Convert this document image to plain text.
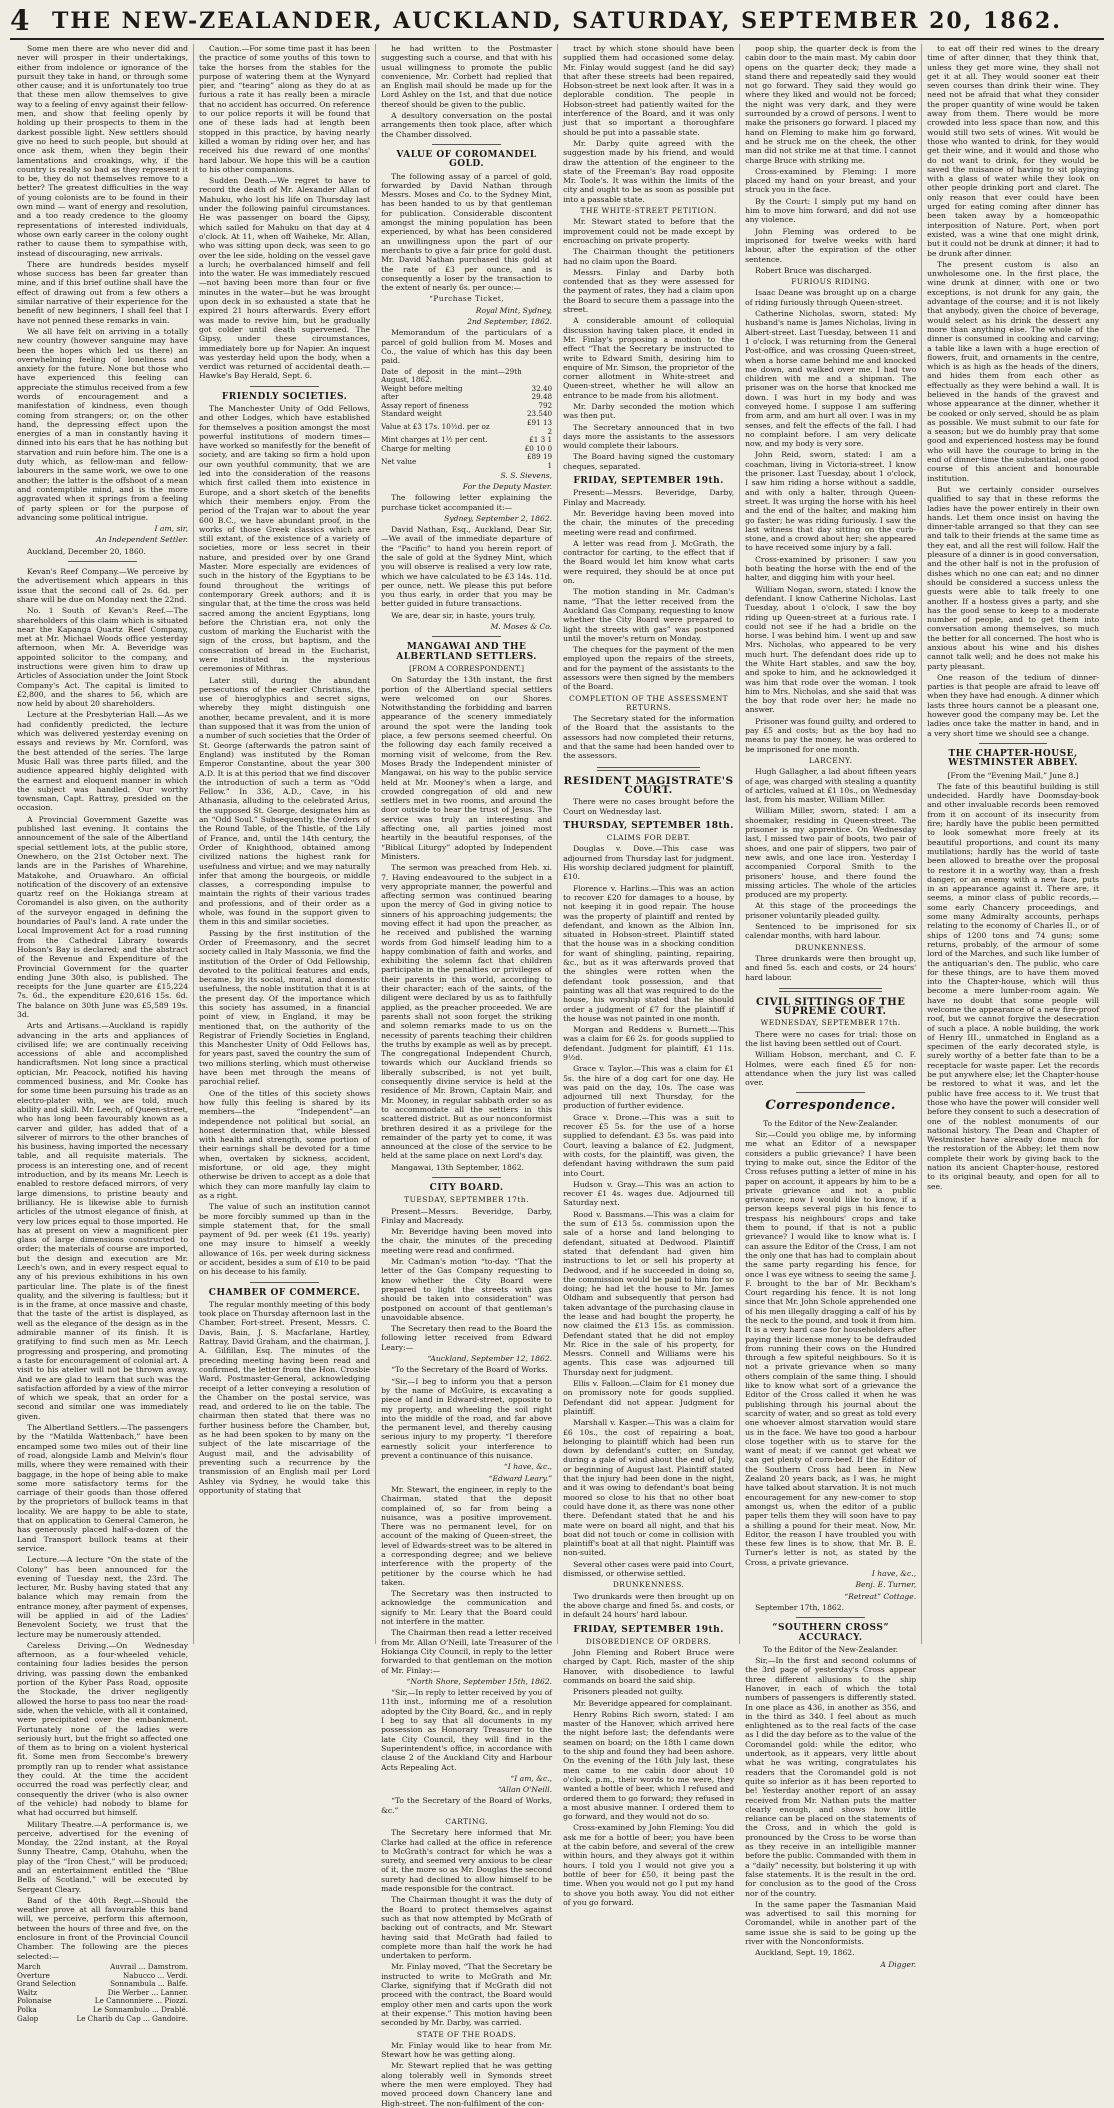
4	THE NEW-ZEALANDER, AUCKLAND, SATURDAY, SEPTEMBER 20, 1862.

Some men there are who never did and never will prosper in their undertakings, either from indolence or ignorance of the pursuit they take in hand, or through some other cause; and it is unfortunately too true that these men allow themselves to give way to a feeling of envy against their fellow-men, and show that feeling openly by holding up their prospects to them in the darkest possible light. New settlers should give no heed to such people, but should at once ask them, when they begin their lamentations and croakings, why, if the country is really so bad as they represent it to be, they do not themselves remove to a better? The greatest difficulties in the way of young colonists are to be found in their own mind — want of energy and resolution, and a too ready credence to the gloomy representations of interested individuals, whose own early career in the colony ought rather to cause them to sympathise with, instead of discouraging, new arrivals.

There are hundreds besides myself whose success has been far greater than mine, and if this brief outline shall have the effect of drawing out from a few others a similar narrative of their experience for the benefit of new beginners, I shall feel that I have not penned these remarks in vain.

We all have felt on arriving in a totally new country (however sanguine may have been the hopes which led us there) an overwhelming feeling of loneliness and anxiety for the future. None but those who have experienced this feeling can appreciate the stimulus received from a few words of encouragement and a manifestation of kindness, even though coming from strangers; or, on the other hand, the depressing effect upon the energies of a man in constantly having it dinned into his ears that he has nothing but starvation and ruin before him. The one is a duty which, as fellow-man and fellow-labourers in the same work, we owe to one another; the latter is the offshoot of a mean and contemptible mind, and is the more aggravated when it springs from a feeling of party spleen or for the purpose of advancing some political intrigue.

I am, sir,

An Independent Settler.

Auckland, December 20, 1860.

Kevan's Reef Company.—We perceive by the advertisement which appears in this issue that the second call of 2s. 6d. per share will be due on Monday next the 22nd.

No. 1 South of Kevan's Reef.—The shareholders of this claim which is situated near the Kapanga Quartz Reef Company, met at Mr. Michael Woods office yesterday afternoon, when Mr. A. Beveridge was appointed solicitor to the company, and instructions were given him to draw up Articles of Association under the Joint Stock Company's Act. The capital is limited to £2,800, and the shares to 56, which are now held by about 20 shareholders.

Lecture at the Presbyterian Hall.—As we had confidently predicted, the lecture which was delivered yesterday evening on essays and reviews by Mr. Cornford, was the best attended of the series. The large Music Hall was three parts filled, and the audience appeared highly delighted with the earnest and eloquent manner in which the subject was handled. Our worthy townsman, Capt. Rattray, presided on the occasion.

A Provincial Government Gazette was published last evening. It contains the announcement of the sale of the Albertland special settlement lots, at the public store, Onewhero, on the 21st October next. The lands are in the Parishes of Wharehine, Matakohe, and Oruawharo. An official notification of the discovery of an extensive quartz reef on the Hokianga stream at Coromandel is also given, on the authority of the surveyor engaged in defining the boundaries of Paul's land. A rate under the Local Improvement Act for a road running from the Cathedral Library towards Hobson's Bay is declared; and the abstract of the Revenue and Expenditure of the Provincial Government for the quarter ending June 30th also, is published. The receipts for the June quarter are £15,224 7s. 6d., the expenditure £20,616 15s. 6d. The balance on 30th June was £5,589 19s. 3d.

Arts and Artisans.—Auckland is rapidly advancing in the arts and appliances of civilised life; we are continually receiving accessions of able and accomplished handicraftsmen. Not long since a practical optician, Mr. Peacock, notified his having commenced business, and Mr. Cooke has for some time been pursuing his trade as an electro-plater with, we are told, much ability and skill. Mr. Leech, of Queen-street, who has long been favourably known as a carver and gilder, has added that of a silverer of mirrors to the other branches of his business, having imported the necessary table, and all requisite materials. The process is an interesting one, and of recent introduction, and by its means Mr. Leech is enabled to restore defaced mirrors, of very large dimensions, to pristine beauty and brilliancy. He is likewise able to furnish articles of the utmost elegance of finish, at very low prices equal to those imported. He has at present on view a magnificent pier glass of large dimensions constructed to order; the materials of course are imported, but the design and execution are Mr. Leech's own, and in every respect equal to any of his previous exhibitions in his own particular line. The plate is of the finest quality, and the silvering is faultless; but it is in the frame, at once massive and chaste, that the taste of the artist is displayed, as well as the elegance of the design as in the admirable manner of its finish. It is gratifying to find such men as Mr. Leech progressing and prospering, and promoting a taste for encouragement of colonial art. A visit to his atelier will not be thrown away. And we are glad to learn that such was the satisfaction afforded by a view of the mirror of which we speak, that an order for a second and similar one was immediately given.

The Albertland Settlers.—The passengers by the “Matilda Wattenbach,” have been encamped some two miles out of their line of road, alongside Lamb and Melvin's flour mills, where they were remained with their baggage, in the hope of being able to make some more satisfactory terms for the carriage of their goods than those offered by the proprietors of bullock teams in that locality. We are happy to be able to state, that on application to General Cameron, he has generously placed half-a-dozen of the Land Transport bullock teams at their service.

Lecture.—A lecture “On the state of the Colony” has been announced for the evening of Tuesday next, the 23rd. The lecturer, Mr. Busby having stated that any balance which may remain from the entrance money, after payment of expenses, will be applied in aid of the Ladies' Benevolent Society, we trust that the lecture may be numerously attended.

Careless Driving.—On Wednesday afternoon, as a four-wheeled vehicle, containing four ladies besides the person driving, was passing down the embanked portion of the Kyber Pass Road, opposite the Stockade, the driver negligently allowed the horse to pass too near the road-side, when the vehicle, with all it contained, were precipitated over the embankment. Fortunately none of the ladies were seriously hurt, but the fright so affected one of them as to bring on a violent hysterical fit. Some men from Seccombe's brewery promptly ran up to render what assistance they could. At the time the accident occurred the road was perfectly clear, and consequently the driver (who is also owner of the vehicle) had nobody to blame for what had occurred but himself.

Military Theatre.—A performance is, we perceive, advertised for the evening of Monday, the 22nd instant, at the Royal Sunny Theatre, Camp, Otahuhu, when the play of the “Iron Chest,” will be produced; and an entertainment entitled the “Blue Bells of Scotland,” will be executed by Sergeant Cleary.

Band of the 40th Regt.—Should the weather prove at all favourable this band will, we perceive, perform this afternoon, between the hours of three and five, on the enclosure in front of the Provincial Council Chamber. The following are the pieces selected:—

March	Auvrail ... Damstrom.
Overture	Nabucco ... Verdi.
Grand Selection	Sonnambula ... Balfe.
Waltz	Die Werber ... Lanner.
Polonaise	Le Cannonniere ... Piozzi.
Polka	Le Sonnambulo ... Drablé.
Galop	Le Charib du Cap ... Gandoire.

Caution.—For some time past it has been the practice of some youths of this town to take the horses from the stables for the purpose of watering them at the Wynyard pier, and “tearing” along as they do at as furious a rate it has really been a miracle that no accident has occurred. On reference to our police reports it will be found that one of these lads had at length been stopped in this practice, by having nearly killed a woman by riding over her, and has received his due reward of one months' hard labour. We hope this will be a caution to his other companions.

Sudden Death.—We regret to have to record the death of Mr. Alexander Allan of Mahuku, who lost his life on Thursday last under the following painful circumstances. He was passenger on board the Gipsy, which sailed for Mahuku on that day at 4 o'clock. At 11, when off Waiheke, Mr. Allan, who was sitting upon deck, was seen to go over the lee side, holding on the vessel gave a lurch; he overbalanced himself and fell into the water. He was immediately rescued—not having been more than four or five minutes in the water—but he was brought upon deck in so exhausted a state that he expired 21 hours afterwards. Every effort was made to revive him, but he gradually got colder until death supervened. The Gipsy, under these circumstances, immediately bore up for Napier. An inquest was yesterday held upon the body, when a verdict was returned of accidental death.—Hawke's Bay Herald, Sept. 6.

FRIENDLY SOCIETIES.

The Manchester Unity of Odd Fellows, and other Lodges, which have established for themselves a position amongst the most powerful institutions of modern times—have worked so manifestly for the benefit of society, and are taking so firm a hold upon our own youthful community, that we are led into the consideration of the reasons which first called them into existence in Europe, and a short sketch of the benefits which their members enjoy. From the period of the Trajan war to about the year 600 B.C., we have abundant proof, in the works of those Greek classics which are still extant, of the existence of a variety of societies, more or less secret in their nature, and presided over by one Grand Master. More especially are evidences of such in the history of the Egyptians to be found throughout the writings of contemporary Greek authors; and it is singular that, at the time the cross was held sacred among the ancient Egyptians, long before the Christian era, not only the custom of marking the Eucharist with the sign of the cross, but baptism, and the consecration of bread in the Eucharist, were instituted in the mysterious ceremonies of Mithras.

Later still, during the abundant persecutions of the earlier Christians, the use of hieroglyphics and secret signs, whereby they might distinguish one another, became prevalent, and it is more than supposed that it was from the union of a number of such societies that the Order of St. George (afterwards the patron saint of England) was instituted by the Roman Emperor Constantine, about the year 300 A.D. It is at this period that we find discover the introduction of such a term as “Odd Fellow.” In 336, A.D., Cave, in his Athanasia, alluding to the celebrated Arius, the supposed St. George, designates him as an “Odd Soul.” Subsequently, the Orders of the Round Table, of the Thistle, of the Lily of France, and, until the 14th century, the Order of Knighthood, obtained among civilized nations the highest rank for usefulness and virtue; and we may naturally infer that among the bourgeois, or middle classes, a corresponding impulse to maintain the rights of their various trades and professions, and of their order as a whole, was found in the support given to them in this and similar societies.

Passing by the first institution of the Order of Freemasonry, and the secret society called in Italy Massonia, we find the institution of the Order of Odd Fellowship, devoted to the political features and ends, became, by its social, moral, and domestic usefulness, the noble institution that it is at the present day. Of the importance which this society has assumed, in a financial point of view, in England, it may be mentioned that, on the authority of the Registrar of Friendly Societies in England, this Manchester Unity of Odd Fellows has, for years past, saved the country the sum of two millions sterling, which must otherwise have been met through the means of parochial relief.

One of the titles of this society shows how fully this feeling is shared by its members—the “Independent”—an independence not political but social, an honest determination that, while blessed with health and strength, some portion of their earnings shall be devoted for a time when, overtaken by sickness, accident, misfortune, or old age, they might otherwise be driven to accept as a dole that which they can more manfully lay claim to as a right.

The value of such an institution cannot be more forcibly summed up than in the simple statement that, for the small payment of 9d. per week (£1 19s. yearly) one may insure to himself a weekly allowance of 16s. per week during sickness or accident, besides a sum of £10 to be paid on his decease to his family.

CHAMBER OF COMMERCE.

The regular monthly meeting of this body took place on Thursday afternoon last in the Chamber, Fort-street. Present, Messrs. C. Davis, Bain, J. S. Macfarlane, Hartley, Rattray, David Graham, and the chairman, J. A. Gilfillan, Esq. The minutes of the preceding meeting having been read and confirmed, the letter from the Hon. Crosbie Ward, Postmaster-General, acknowledging receipt of a letter conveying a resolution of the Chamber on the postal service, was read, and ordered to lie on the table. The chairman then stated that there was no further business before the Chamber, but, as he had been spoken to by many on the subject of the late miscarriage of the August mail, and the advisability of preventing such a recurrence by the transmission of an English mail per Lord Ashley via Sydney, he would take this opportunity of stating that

he had written to the Postmaster suggesting such a course, and that with his usual willingness to promote the public convenience, Mr. Corbett had replied that an English mail should be made up for the Lord Ashley on the 1st, and that due notice thereof should be given to the public.

A desultory conversation on the postal arrangements then took place, after which the Chamber dissolved.

VALUE OF COROMANDEL GOLD.

The following assay of a parcel of gold, forwarded by David Nathan through Messrs. Moses and Co. to the Sydney Mint, has been handed to us by that gentleman for publication. Considerable discontent amongst the mining population has been experienced, by what has been considered an unwillingness upon the part of our merchants to give a fair price for gold dust. Mr. David Nathan purchased this gold at the rate of £3 per ounce, and is consequently a loser by the transaction to the extent of nearly 6s. per ounce:—

“Purchase Ticket,

Royal Mint, Sydney,

2nd September, 1862.

Memorandum of the particulars of a parcel of gold bullion from M. Moses and Co., the value of which has this day been paid.

Date of deposit in the mint—29th August, 1862.	
Weight before melting	32.40
after	29.48
Assay report of fineness	792
Standard weight	23.540
Value at £3 17s. 10½d. per oz	£91 13 2
Mint charges at 1½ per cent.	£1 3 1
Charge for melting	£0 10 0
Net value	£89 19 1

S. S. Sievens,

For the Deputy Master.

The following letter explaining the purchase ticket accompanied it:—

Sydney, September 2, 1862.

David Nathan, Esq., Auckland, Dear Sir,—We avail of the immediate departure of the “Pacific” to hand you herein report of the sale of gold at the Sydney Mint, which you will observe is realised a very low rate, which we have calculated to be £3 14s. 11d. per ounce, nett. We please this put before you thus early, in order that you may be better guided in future transactions.

We are, dear sir, in haste, yours truly,

M. Moses & Co.

MANGAWAI AND THE ALBERTLAND SETTLERS.

[FROM A CORRESPONDENT.]

On Saturday the 13th instant, the first portion of the Albertland special settlers were welcomed on our Shores. Notwithstanding the forbidding and barren appearance of the scenery immediately around the spot were the landing took place, a few persons seemed cheerful. On the following day each family received a morning visit of welcome, from the Rev. Moses Brady the Independent minister of Mangawai, on his way to the public service held at Mr. Mooney's when a large, and crowded congregation of old and new settlers met in two rooms, and around the door outside to hear the trust of Jesus. The service was truly an interesting and affecting one, all parties joined most heartily in the beautiful responses, of the “Biblical Liturgy” adopted by Independent Ministers.

The sermon was preached from Heb. xi. 7. Having endeavoured to the subject in a very appropriate manner, the powerful and affecting sermon was continued bearing upon the mercy of God in giving notice to sinners of his approaching judgements; the moving effect it had upon the preacher, as he received and published the warning words from God himself leading him to a happy combination of faith and works, and exhibiting the solemn fact that children participate in the penalties or privileges of their parents in this world, according to their character; each of the saints, of the diligent were declared by us as to faithfully applied, as the preacher proceeded. We are parents shall not soon forget the striking and solemn remarks made to us on the necessity of parents teaching their children the truths by example as well as by precept. The congregational Independent Church, towards which our Auckland friends so liberally subscribed, is not yet built, consequently divine service is held at the residence of Mr. Brown, Captain Mair, and Mr. Mooney, in regular sabbath order so as to accommodate all the settlers in this scattered district. But as our nonconformist brethren desired it as a privilege for the remainder of the party yet to come, it was announced at the close of the service to be held at the same place on next Lord's day.

Mangawai, 13th September, 1862.

CITY BOARD.

TUESDAY, SEPTEMBER 17th.

Present—Messrs. Beveridge, Darby, Finlay and Macready.

Mr. Beveridge having been moved into the chair, the minutes of the preceding meeting were read and confirmed.

Mr. Cadman's motion “to-day. “That the letter of the Gas Company requesting to know whether the City Board were prepared to light the streets with gas should be taken into consideration” was postponed on account of that gentleman's unavoidable absence.

The Secretary then read to the Board the following letter received from Edward Leary:—

“Auckland, September 12, 1862.

“To the Secretary of the Board of Works.

“Sir,—I beg to inform you that a person by the name of McGuire, is excavating a piece of land in Edward-street, opposite to my property, and wheeling the soil right into the middle of the road, and far above the permanent level, and thereby causing serious injury to my property. “I therefore earnestly solicit your interference to prevent a continuance of this nuisance.

“I have, &c.,

“Edward Leary.”

Mr. Stewart, the engineer, in reply to the Chairman, stated that the deposit complained of, so far from being a nuisance, was a positive improvement. There was no permanent level, for on account of the making of Queen-street, the level of Edwards-street was to be altered in a corresponding degree; and we believe interference with the property of the petitioner by the course which he had taken.

The Secretary was then instructed to acknowledge the communication and signify to Mr. Leary that the Board could not interfere in the matter.

The Chairman then read a letter received from Mr. Allan O'Neill, late Treasurer of the Hokianga City Council, in reply to the letter forwarded to that gentleman on the motion of Mr. Finlay:—

“North Shore, September 15th, 1862.

“Sir,—In reply to letter received by you of 11th inst., informing me of a resolution adopted by the City Board, &c., and in reply I beg to say that all documents in my possession as Honorary Treasurer to the late City Council, they will find in the Superintendent's office, in accordance with clause 2 of the Auckland City and Harbour Acts Repealing Act.

“I am, &c.,

“Allan O'Neill.

“To the Secretary of the Board of Works, &c.”

CARTING.

The Secretary here informed that Mr. Clarke had called at the office in reference to McGrath's contract for which he was a surety, and seemed very anxious to be clear of it, the more so as Mr. Douglas the second surety had declined to allow himself to be made responsible for the contract.

The Chairman thought it was the duty of the Board to protect themselves against such as that now attempted by McGrath of backing out of contracts, and Mr. Stewart having said that McGrath had failed to complete more than half the work he had undertaken to perform.

Mr. Finlay moved, “That the Secretary be instructed to write to McGrath and Mr. Clarke, signifying that if McGrath did not proceed with the contract, the Board would employ other men and carts upon the work at their expense.” This motion having been seconded by Mr. Darby, was carried.

STATE OF THE ROADS.

Mr. Finlay would like to hear from Mr. Stewart how he was getting along.

Mr. Stewart replied that he was getting along tolerably well in Symonds street where the men were employed. They had moved proceed down Chancery lane and High-street. The non-fulfilment of the con-

tract by which stone should have been supplied them had occasioned some delay. Mr. Finlay would suggest (and he did say) that after these streets had been repaired, Hobson-street be next look after. It was in a deplorable condition. The people in Hobson-street had patiently waited for the interference of the Board, and it was only just that so important a thoroughfare should be put into a passable state.

Mr. Darby quite agreed with the suggestion made by his friend, and would draw the attention of the engineer to the state of the Freeman's Bay road opposite Mr. Toole's. It was within the limits of the city and ought to be as soon as possible put into a passable state.

THE WHITE-STREET PETITION.

Mr. Stewart stated to before that the improvement could not be made except by encroaching on private property.

The Chairman thought the petitioners had no claim upon the Board.

Messrs. Finlay and Darby both contended that as they were assessed for the payment of rates, they had a claim upon the Board to secure them a passage into the street.

A considerable amount of colloquial discussion having taken place, it ended in Mr. Finlay's proposing a motion to the effect “That the Secretary be instructed to write to Edward Smith, desiring him to enquire of Mr. Simson, the proprietor of the corner allotment in White-street and Queen-street, whether he will allow an entrance to be made from his allotment.

Mr. Darby seconded the motion which was then put.

The Secretary announced that in two days more the assistants to the assessors would complete their labours.

The Board having signed the customary cheques, separated.

FRIDAY, SEPTEMBER 19th.

Present:—Messrs. Beveridge, Darby, Finlay and Macready.

Mr. Beveridge having been moved into the chair, the minutes of the preceding meeting were read and confirmed.

A letter was read from J. McGrath, the contractor for carting, to the effect that if the Board would let him know what carts were required, they should be at once put on.

The motion standing in Mr. Cadman's name, “That the letter received from the Auckland Gas Company, requesting to know whether the City Board were prepared to light the streets with gas” was postponed until the mover's return on Monday.

The cheques for the payment of the men employed upon the repairs of the streets, and for the payment of the assistants to the assessors were then signed by the members of the Board.

COMPLETION OF THE ASSESSMENT RETURNS.

The Secretary stated for the information of the Board that the assistants to the assessors had now completed their returns, and that the same had been handed over to the assessors.

RESIDENT MAGISTRATE'S COURT.

There were no cases brought before the Court on Wednesday last.

THURSDAY, SEPTEMBER 18th.

CLAIMS FOR DEBT.

Douglas v. Dove.—This case was adjourned from Thursday last for judgment. His worship declared judgment for plaintiff, £10.

Florence v. Harlins.—This was an action to recover £20 for damages to a house, by not keeping it in good repair. The house was the property of plaintiff and rented by defendant, and known as the Albion Inn, situated in Hobson-street. Plaintiff stated that the house was in a shocking condition for want of shingling, painting, repairing, &c., but as it was afterwards proved that the shingles were rotten when the defendant took possession, and that painting was all that was required to do the house, his worship stated that he should order a judgment of £7 for the plaintiff if the house was not painted in one month.

Morgan and Reddens v. Burnett.—This was a claim for £6 2s. for goods supplied to defendant. Judgment for plaintiff, £1 11s. 9½d.

Grace v. Taylor.—This was a claim for £1 5s. the hire of a dog cart for one day. He was paid on the day, 10s. The case was adjourned till next Thursday, for the production of further evidence.

Grace v. Drone.—This was a suit to recover £5 5s. for the use of a horse supplied to defendant. £3 5s. was paid into Court, leaving a balance of £2. Judgment, with costs, for the plaintiff, was given, the defendant having withdrawn the sum paid into Court.

Hudson v. Gray.—This was an action to recover £1 4s. wages due. Adjourned till Saturday next.

Rood v. Bassmans.—This was a claim for the sum of £13 5s. commission upon the sale of a horse and land belonging to defendant, situated at Dedwood. Plaintiff stated that defendant had given him instructions to let or sell his property at Dedwood, and if he succeeded in doing so, the commission would be paid to him for so doing; he had let the house to Mr. James Oldham and subsequently that person had taken advantage of the purchasing clause in the lease and had bought the property, he now claimed the £13 15s. as commission. Defendant stated that he did not employ Mr. Rice in the sale of his property, for Messrs. Connell and Williams were his agents. This case was adjourned till Thursday next for judgment.

Ellis v. Falloon.—Claim for £1 money due on promissory note for goods supplied. Defendant did not appear. Judgment for plaintiff.

Marshall v. Kasper.—This was a claim for £6 10s., the cost of repairing a boat, belonging to plaintiff which had been run down by defendant's cutter, on Sunday, during a gale of wind about the end of July, or beginning of August last. Plaintiff stated that the injury had been done in the night, and it was owing to defendant's boat being moored so close to his that no other boat could have done it, as there was none other there. Defendant stated that he and his mate were on board all night, and that his boat did not touch or come in collision with plaintiff's boat at all that night. Plaintiff was non-suited.

Several other cases were paid into Court, dismissed, or otherwise settled.

DRUNKENNESS.

Two drunkards were then brought up on the above charge and fined 5s. and costs, or in default 24 hours' hard labour.

FRIDAY, SEPTEMBER 19th.

DISOBEDIENCE OF ORDERS.

John Fleming and Robert Bruce were charged by Capt. Rich, master of the ship Hanover, with disobedience to lawful commands on board the said ship.

Prisoners pleaded not guilty.

Mr. Beveridge appeared for complainant.

Henry Robins Rich sworn, stated: I am master of the Hanover, which arrived here the night before last; the defendants were seamen on board; on the 18th I came down to the ship and found they had been ashore. On the evening of the 16th July last, these men came to me cabin door about 10 o'clock, p.m., their words to me were, they wanted a bottle of beer, which I refused and ordered them to go forward; they refused in a most abusive manner. I ordered them to go forward, and they would not do so.

Cross-examined by John Fleming: You did ask me for a bottle of beer; you have been at the cabin before, and several of the crew within hours, and they always got it within hours. I told you I would not give you a bottle of beer for £50, it being past the time. When you would not go I put my hand to shove you both away. You did not either of you go forward.

poop ship, the quarter deck is from the cabin door to the main mast. My cabin door opens on the quarter deck; they made a stand there and repeatedly said they would not go forward. They said they would go where they liked and would not be forced; the night was very dark, and they were surrounded by a crowd of persons. I went to make the prisoners go forward. I placed my hand on Fleming to make him go forward, and he struck me on the cheek, the other man did not strike me at that time. I cannot charge Bruce with striking me.

Cross-examined by Fleming: I more placed my hand on your breast, and your struck you in the face.

By the Court: I simply put my hand on him to move him forward, and did not use any violence.

John Fleming was ordered to be imprisoned for twelve weeks with hard labour, after the expiration of the other sentence.

Robert Bruce was discharged.

FURIOUS RIDING.

Isaac Deane was brought up on a charge of riding furiously through Queen-street.

Catherine Nicholas, sworn, stated: My husband's name is James Nicholas, living in Albert-street. Last Tuesday, between 11 and 1 o'clock, I was returning from the General Post-office, and was crossing Queen-street, when a horse came behind me and knocked me down, and walked over me. I had two children with me and a shipman. The prisoner was on the horse that knocked me down. I was hurt in my body and was conveyed home. I suppose I am suffering from arm, and am hurt all over. I was in my senses, and felt the effects of the fall. I had no complaint before. I am very delicate now, and my body is very sore.

John Reid, sworn, stated: I am a coachman, living in Victoria-street. I know the prisoner. Last Tuesday, about 1 o'clock, I saw him riding a horse without a saddle, and with only a halter, through Queen-street. It was urging the horse with his heel and the end of the halter, and making him go faster; he was riding furiously. I saw the last witness that day sitting on the curb-stone, and a crowd about her; she appeared to have received some injury by a fall.

Cross-examined by prisoner: I saw you both beating the horse with the end of the halter, and digging him with your heel.

William Nogan, sworn, stated: I know the defendant. I know Catherine Nicholas. Last Tuesday, about 1 o'clock, I saw the boy riding up Queen-street at a furious rate. I could not see if he had a bridle on the horse. I was behind him. I went up and saw Mrs. Nicholas, who appeared to be very much hurt. The defendant does ride up to the White Hart stables, and saw the boy, and spoke to him, and he acknowledged it was him that rode over the woman. I took him to Mrs. Nicholas, and she said that was the boy that rode over her; he made no answer.

Prisoner was found guilty, and ordered to pay £5 and costs; but as the boy had no means to pay the money, he was ordered to be imprisoned for one month.

LARCENY.

Hugh Gallagher, a lad about fifteen years of age, was charged with stealing a quantity of articles, valued at £1 10s., on Wednesday last, from his master, William Miller.

William Miller, sworn, stated: I am a shoemaker, residing in Queen-street. The prisoner is my apprentice. On Wednesday last, I missed two pair of boots, two pair of shoes, and one pair of slippers, two pair of new awls, and one lace iron. Yesterday I accompanied Corporal Smith to the prisoners' house, and there found the missing articles. The whole of the articles produced are my property.

At this stage of the proceedings the prisoner voluntarily pleaded guilty.

Sentenced to be imprisoned for six calendar months, with hard labour.

DRUNKENNESS.

Three drunkards were then brought up, and fined 5s. each and costs, or 24 hours' hard labour.

CIVIL SITTINGS OF THE SUPREME COURT.

WEDNESDAY, SEPTEMBER 17th.

There were no cases for trial: those on the list having been settled out of Court.

William Hobson, merchant, and C. F. Holmes, were each fined £5 for non-attendance when the jury list was called over.

Correspondence.

To the Editor of the New-Zealander.

Sir,—Could you oblige me, by informing me what an Editor of a newspaper considers a public grievance? I have been trying to make out, since the Editor of the Cross refuses putting a letter of mine in his paper on account, it appears by him to be a private grievance and not a public grievance; now I would like to know, if a person keeps several pigs in his fence to trespass his neighbours' crops and take them to pound, if that is not a public grievance? I would like to know what is. I can assure the Editor of the Cross, I am not the only one that has had to complain about the same party regarding his fence, for once I was eye witness to seeing the same J. F. brought to the bar of Mr. Beckham's Court regarding his fence. It is not long since that Mr. John Schole apprehended one of his men illegally dragging a calf of his by the neck to the pound, and took it from him. It is a very hard case for householders after paying their license money to be defrauded from running their cows on the Hundred through a few spiteful neighbours. So it is not a private grievance when so many others complain of the same thing. I should like to know what sort of a grievance the Editor of the Cross called it when he was publishing through his journal about the scarcity of water, and so great as told every one whoever almost starvation would stare us in the face. We have too good a harbour close together with us to starve for the want of meat; if we cannot get wheat we can get plenty of corn-beef. If the Editor of the Southern Cross had been in New Zealand 20 years back, as I was, he might have talked about starvation. It is not much encouragement for any new-comer to stop amongst us, when the editor of a public paper tells them they will soon have to pay a shilling a pound for their meat. Now, Mr. Editor, the reason I have troubled you with these few lines is to show, that Mr. B. E. Turner's letter is not, as stated by the Cross, a private grievance.

I have, &c.,

Benj. E. Turner,

“Retreat” Cottage.

September 17th, 1862.

“SOUTHERN CROSS” ACCURACY.

To the Editor of the New-Zealander.

Sir,—In the first and second columns of the 3rd page of yesterday's Cross appear three different allusions to the ship Hanover, in each of which the total numbers of passengers is differently stated. In one place as 436, in another as 356, and in the third as 340. I feel about as much enlightened as to the real facts of the case as I did the day before as to the value of the Coromandel gold: while the editor, who undertook, as it appears, very little about what he was writing, congratulates his readers that the Coromandel gold is not quite so inferior as it has been reported to be! Yesterday another report of an assay received from Mr. Nathan puts the matter clearly enough, and shows how little reliance can be placed on the statements of the Cross, and in which the gold is pronounced by the Cross to be worse than as they receive in an intelligible manner before the public. Commanded with them in a “daily” necessity, but bolstering it up with false statements. It is the result in the ord. for conclusion as to the good of the Cross nor of the country.

In the same paper the Tasmanian Maid was advertised to sail this morning for Coromandel, while in another part of the same issue she is said to be going up the river with the Nonconformists.

Auckland, Sept. 19, 1862.

A Digger.

to eat off their red wines to the dreary time of after dinner, that they think that, unless they get more wine, they shall not get it at all. They would sooner eat their seven courses than drink their wine. They need not be afraid that what they consider the proper quantity of wine would be taken away from them. There would be more crowded into less space than now, and this would still two sets of wines. Wit would be those who wanted to drink, for they would get their wine, and it would and those who do not want to drink, for they would be saved the nuisance of having to sit playing with a glass of water while they look on other people drinking port and claret. The only reason that ever could have been urged for eating coming after dinner has been taken away by a homœopathic interposition of Nature. Port, when port existed, was a wine that one might drink, but it could not be drunk at dinner; it had to be drunk after dinner.

The present custom is also an unwholesome one. In the first place, the wine drunk at dinner, with one or two exceptions, is not drunk for any gain, the advantage of the course; and it is not likely that anybody, given the choice of beverage, would select as his drink the dessert any more than anything else. The whole of the dinner is consumed in cooking and carving; a table like a lawn with a huge erection of flowers, fruit, and ornaments in the centre, which is as high as the heads of the diners, and hides them from each other as effectually as they were behind a wall. It is believed in the hands of the gravest and whose appearance at the dinner, whether it be cooked or only served, should be as plain as possible. We must submit to our fate for a season; but we do humbly pray that some good and experienced hostess may be found who will have the courage to bring in the end of dinner-time the substantial, one good course of this ancient and honourable institution.

But we certainly consider ourselves qualified to say that in these reforms the ladies have the power entirely in their own hands. Let them once insist on having the dinner-table arranged so that they can see and talk to their friends at the same time as they eat, and all the rest will follow. Half the pleasure of a dinner is in good conversation, and the other half is not in the profusion of dishes which no one can eat; and no dinner should be considered a success unless the guests were able to talk freely to one another. If a hostess gives a party, and she has the good sense to keep to a moderate number of people, and to get them into conversation among themselves, so much the better for all concerned. The host who is anxious about his wine and his dishes cannot talk well; and he does not make his party pleasant.

One reason of the tedium of dinner-parties is that people are afraid to leave off when they have had enough. A dinner which lasts three hours cannot be a pleasant one, however good the company may be. Let the ladies once take the matter in hand, and in a very short time we should see a change.

THE CHAPTER-HOUSE, WESTMINSTER ABBEY.

[From the “Evening Mail,” June 8.]

The fate of this beautiful building is still undecided. Hardly have Doomsday-book and other invaluable records been removed from it on account of its insecurity from fire; hardly have the public been permitted to look somewhat more freely at its beautiful proportions, and count its many mutilations; hardly has the world of taste been allowed to breathe over the proposal to restore it in a worthy way, than a fresh danger, or an enemy with a new face, puts in an appearance against it. There are, it seems, a minor class of public records,—some early Chancery proceedings, and some many Admiralty accounts, perhaps relating to the economy of Charles II., or of ships of 1200 tons and 74 guns; some returns, probably, of the armour of some lord of the Marches, and such like lumber of the antiquarian's den. The public, who care for these things, are to have them moved into the Chapter-house, which will thus become a mere lumber-room again. We have no doubt that some people will welcome the appearance of a new fire-proof roof, but we cannot forgive the desecration of such a place. A noble building, the work of Henry III., unmatched in England as a specimen of the early decorated style, is surely worthy of a better fate than to be a receptacle for waste paper. Let the records be put anywhere else; let the Chapter-house be restored to what it was, and let the public have free access to it. We trust that those who have the power will consider well before they consent to such a desecration of one of the noblest monuments of our national history. The Dean and Chapter of Westminster have already done much for the restoration of the Abbey; let them now complete their work by giving back to the nation its ancient Chapter-house, restored to its original beauty, and open for all to see.
